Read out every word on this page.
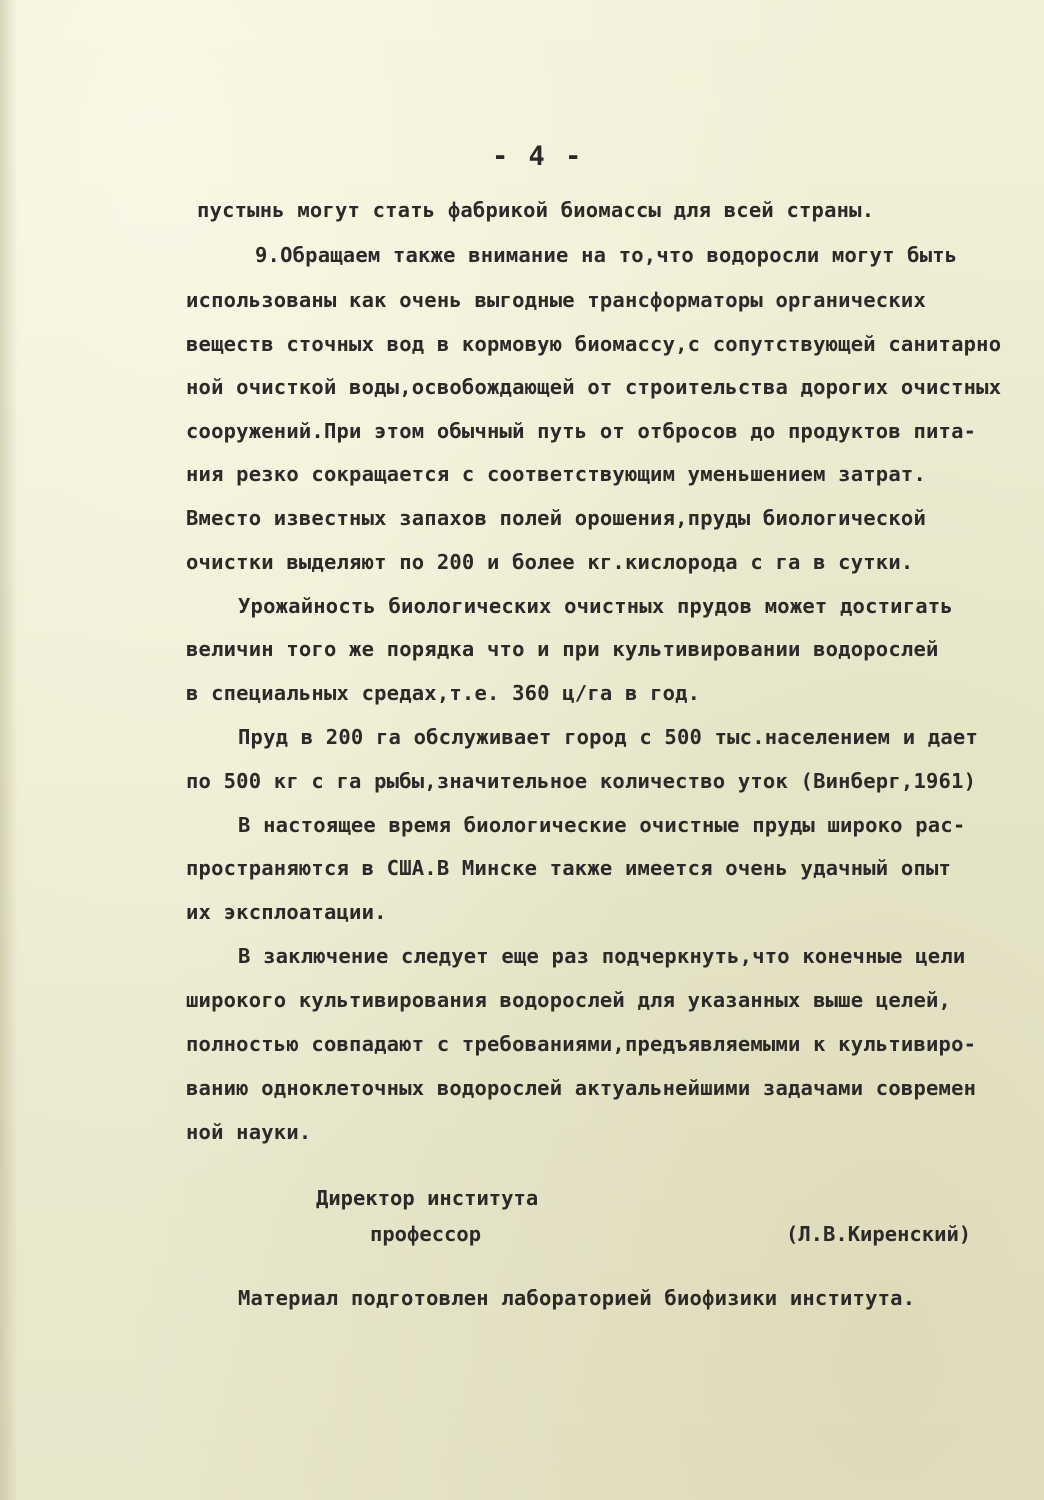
- 4 -
пустынь могут стать фабрикой биомассы для всей страны.
9.Обращаем также внимание на то,что водоросли могут быть
использованы как очень выгодные трансформаторы органических
веществ сточных вод в кормовую биомассу,с сопутствующей санитарно
ной очисткой воды,освобождающей от строительства дорогих очистных
сооружений.При этом обычный путь от отбросов до продуктов пита-
ния резко сокращается с соответствующим уменьшением затрат.
Вместо известных запахов полей орошения,пруды биологической
очистки выделяют по 200 и более кг.кислорода с га в сутки.
Урожайность биологических очистных прудов может достигать
величин того же порядка что и при культивировании водорослей
в специальных средах,т.е. 360 ц/га в год.
Пруд в 200 га обслуживает город с 500 тыс.населением и дает
по 500 кг с га рыбы,значительное количество уток (Винберг,1961)
В настоящее время биологические очистные пруды широко рас-
пространяются в США.В Минске также имеется очень удачный опыт
их эксплоатации.
В заключение следует еще раз подчеркнуть,что конечные цели
широкого культивирования водорослей для указанных выше целей,
полностью совпадают с требованиями,предъявляемыми к культивиро-
ванию одноклеточных водорослей актуальнейшими задачами современ
ной науки.
Директор института
профессор	(Л.В.Киренский)
Материал подготовлен лабораторией биофизики института.
